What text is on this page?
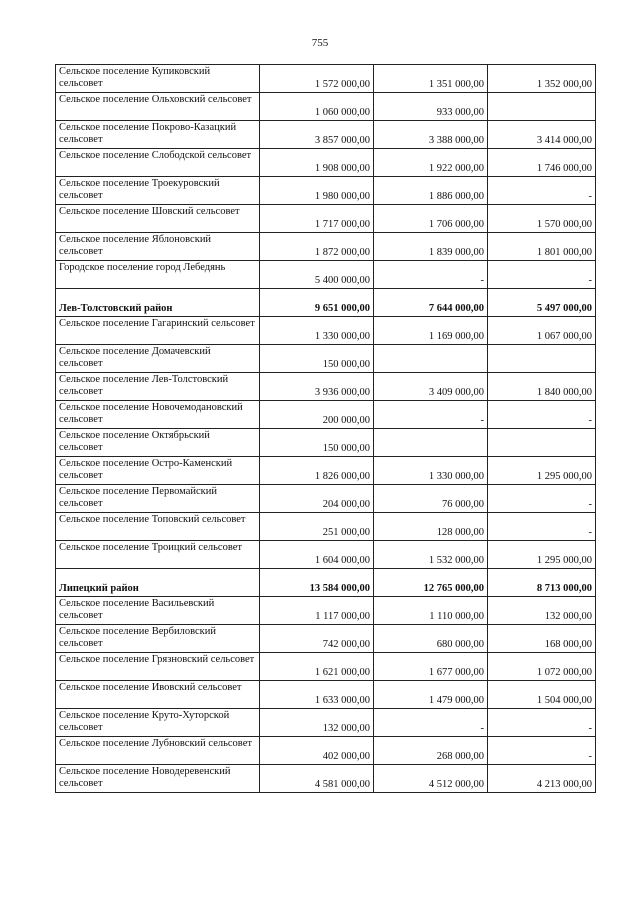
755
Сельское поселение Купиковский сельсовет	1 572 000,00	1 351 000,00	1 352 000,00
Сельское поселение Ольховский сельсовет	1 060 000,00	933 000,00	
Сельское поселение Покрово-Казацкий сельсовет	3 857 000,00	3 388 000,00	3 414 000,00
Сельское поселение Слободской сельсовет	1 908 000,00	1 922 000,00	1 746 000,00
Сельское поселение Троекуровский сельсовет	1 980 000,00	1 886 000,00	-
Сельское поселение Шовский сельсовет	1 717 000,00	1 706 000,00	1 570 000,00
Сельское поселение Яблоновский сельсовет	1 872 000,00	1 839 000,00	1 801 000,00
Городское поселение город Лебедянь	5 400 000,00	-	-
Лев-Толстовский район	9 651 000,00	7 644 000,00	5 497 000,00
Сельское поселение Гагаринский сельсовет	1 330 000,00	1 169 000,00	1 067 000,00
Сельское поселение Домачевский сельсовет	150 000,00		
Сельское поселение Лев-Толстовский сельсовет	3 936 000,00	3 409 000,00	1 840 000,00
Сельское поселение Новочемодановский сельсовет	200 000,00	-	-
Сельское поселение Октябрьский сельсовет	150 000,00		
Сельское поселение Остро-Каменский сельсовет	1 826 000,00	1 330 000,00	1 295 000,00
Сельское поселение Первомайский сельсовет	204 000,00	76 000,00	-
Сельское поселение Топовский сельсовет	251 000,00	128 000,00	-
Сельское поселение Троицкий сельсовет	1 604 000,00	1 532 000,00	1 295 000,00
Липецкий район	13 584 000,00	12 765 000,00	8 713 000,00
Сельское поселение Васильевский сельсовет	1 117 000,00	1 110 000,00	132 000,00
Сельское поселение Вербиловский сельсовет	742 000,00	680 000,00	168 000,00
Сельское поселение Грязновский сельсовет	1 621 000,00	1 677 000,00	1 072 000,00
Сельское поселение Ивовский сельсовет	1 633 000,00	1 479 000,00	1 504 000,00
Сельское поселение Круто-Хуторской сельсовет	132 000,00	-	-
Сельское поселение Лубновский сельсовет	402 000,00	268 000,00	-
Сельское поселение Новодеревенский сельсовет	4 581 000,00	4 512 000,00	4 213 000,00
